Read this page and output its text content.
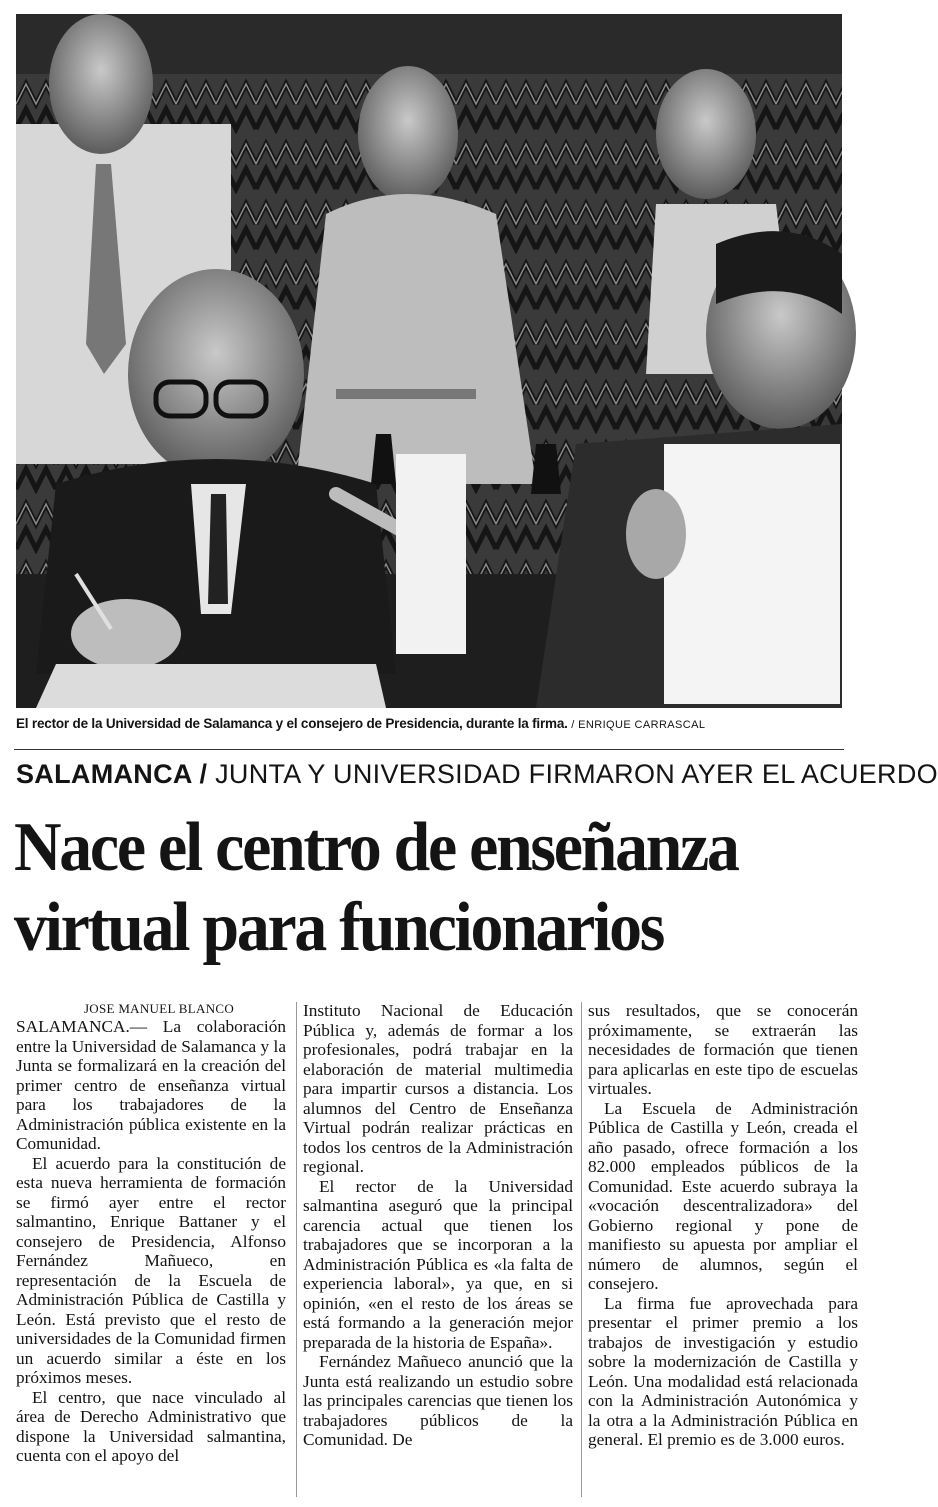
El rector de la Universidad de Salamanca y el consejero de Presidencia, durante la firma. / ENRIQUE CARRASCAL
SALAMANCA / JUNTA Y UNIVERSIDAD FIRMARON AYER EL ACUERDO
Nace el centro de enseñanza
virtual para funcionarios

JOSE MANUEL BLANCO

SALAMANCA.— La colaboración entre la Universidad de Salamanca y la Junta se formalizará en la creación del primer centro de enseñanza virtual para los trabajadores de la Administración pública existente en la Comunidad.

El acuerdo para la constitución de esta nueva herramienta de formación se firmó ayer entre el rector salmantino, Enrique Battaner y el consejero de Presidencia, Alfonso Fernández Mañueco, en representación de la Escuela de Administración Pública de Castilla y León. Está previsto que el resto de universidades de la Comunidad firmen un acuerdo similar a éste en los próximos meses.

El centro, que nace vinculado al área de Derecho Administrativo que dispone la Universidad salmantina, cuenta con el apoyo del

Instituto Nacional de Educación Pública y, además de formar a los profesionales, podrá trabajar en la elaboración de material multimedia para impartir cursos a distancia. Los alumnos del Centro de Enseñanza Virtual podrán realizar prácticas en todos los centros de la Administración regional.

El rector de la Universidad salmantina aseguró que la principal carencia actual que tienen los trabajadores que se incorporan a la Administración Pública es «la falta de experiencia laboral», ya que, en si opinión, «en el resto de los áreas se está formando a la generación mejor preparada de la historia de España».

Fernández Mañueco anunció que la Junta está realizando un estudio sobre las principales carencias que tienen los trabajadores públicos de la Comunidad. De

sus resultados, que se conocerán próximamente, se extraerán las necesidades de formación que tienen para aplicarlas en este tipo de escuelas virtuales.

La Escuela de Administración Pública de Castilla y León, creada el año pasado, ofrece formación a los 82.000 empleados públicos de la Comunidad. Este acuerdo subraya la «vocación descentralizadora» del Gobierno regional y pone de manifiesto su apuesta por ampliar el número de alumnos, según el consejero.

La firma fue aprovechada para presentar el primer premio a los trabajos de investigación y estudio sobre la modernización de Castilla y León. Una modalidad está relacionada con la Administración Autonómica y la otra a la Administración Pública en general. El premio es de 3.000 euros.
